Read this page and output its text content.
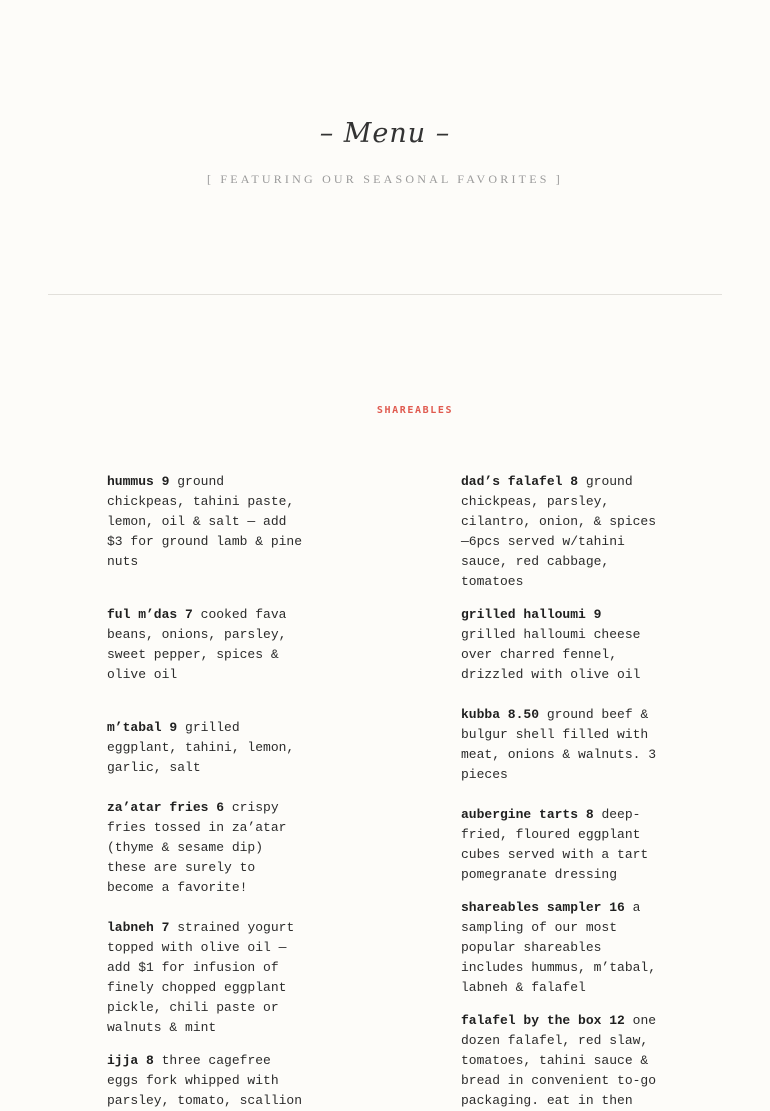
– Menu –

[ FEATURING OUR SEASONAL FAVORITES ]

SHAREABLES

hummus 9 ground chickpeas, tahini paste, lemon, oil & salt — add $3 for ground lamb & pine nuts

ful m’das 7 cooked fava beans, onions, parsley, sweet pepper, spices & olive oil

m’tabal 9 grilled eggplant, tahini, lemon, garlic, salt

za’atar fries 6 crispy fries tossed in za’atar (thyme & sesame dip) these are surely to become a favorite!

labneh 7 strained yogurt topped with olive oil — add $1 for infusion of finely chopped eggplant pickle, chili paste or walnuts & mint

ijja 8 three cagefree eggs fork whipped with parsley, tomato, scallion

dad’s falafel 8 ground chickpeas, parsley, cilantro, onion, & spices —6pcs served w/tahini sauce, red cabbage, tomatoes

grilled halloumi 9 grilled halloumi cheese over charred fennel, drizzled with olive oil

kubba 8.50 ground beef & bulgur shell filled with meat, onions & walnuts. 3 pieces

aubergine tarts 8 deep-fried, floured eggplant cubes served with a tart pomegranate dressing

shareables sampler 16 a sampling of our most popular shareables includes hummus, m’tabal, labneh & falafel

falafel by the box 12 one dozen falafel, red slaw, tomatoes, tahini sauce & bread in convenient to-go packaging. eat in then
